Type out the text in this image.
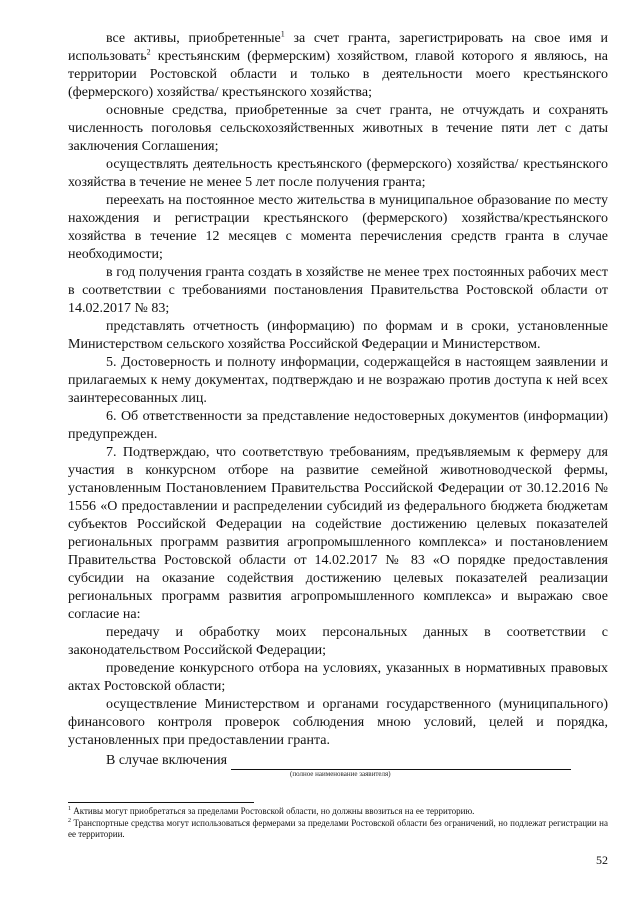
все активы, приобретенные$^1$ за счет гранта, зарегистрировать на свое имя и использовать$^2$ крестьянским (фермерским) хозяйством, главой которого я являюсь, на территории Ростовской области и только в деятельности моего крестьянского (фермерского) хозяйства/ крестьянского хозяйства;

основные средства, приобретенные за счет гранта, не отчуждать и сохранять численность поголовья сельскохозяйственных животных в течение пяти лет с даты заключения Соглашения;

осуществлять деятельность крестьянского (фермерского) хозяйства/ крестьянского хозяйства в течение не менее 5 лет после получения гранта;

переехать на постоянное место жительства в муниципальное образование по месту нахождения и регистрации крестьянского (фермерского) хозяйства/крестьянского хозяйства в течение 12 месяцев с момента перечисления средств гранта в случае необходимости;

в год получения гранта создать в хозяйстве не менее трех постоянных рабочих мест в соответствии с требованиями постановления Правительства Ростовской области от 14.02.2017 № 83;

представлять отчетность (информацию) по формам и в сроки, установленные Министерством сельского хозяйства Российской Федерации и Министерством.

5. Достоверность и полноту информации, содержащейся в настоящем заявлении и прилагаемых к нему документах, подтверждаю и не возражаю против доступа к ней всех заинтересованных лиц.

6. Об ответственности за представление недостоверных документов (информации) предупрежден.

7. Подтверждаю, что соответствую требованиям, предъявляемым к фермеру для участия в конкурсном отборе на развитие семейной животноводческой фермы, установленным Постановлением Правительства Российской Федерации от 30.12.2016 № 1556 «О предоставлении и распределении субсидий из федерального бюджета бюджетам субъектов Российской Федерации на содействие достижению целевых показателей региональных программ развития агропромышленного комплекса» и постановлением Правительства Ростовской области от 14.02.2017 № 83 «О порядке предоставления субсидии на оказание содействия достижению целевых показателей реализации региональных программ развития агропромышленного комплекса» и выражаю свое согласие на:

передачу и обработку моих персональных данных в соответствии с законодательством Российской Федерации;

проведение конкурсного отбора на условиях, указанных в нормативных правовых актах Ростовской области;

осуществление Министерством и органами государственного (муниципального) финансового контроля проверок соблюдения мною условий, целей и порядка, установленных при предоставлении гранта.

В случае включения
(полное наименование заявителя)

$^1$ Активы могут приобретаться за пределами Ростовской области, но должны ввозиться на ее территорию.

$^2$ Транспортные средства могут использоваться фермерами за пределами Ростовской области без ограничений, но подлежат регистрации на ее территории.

52
